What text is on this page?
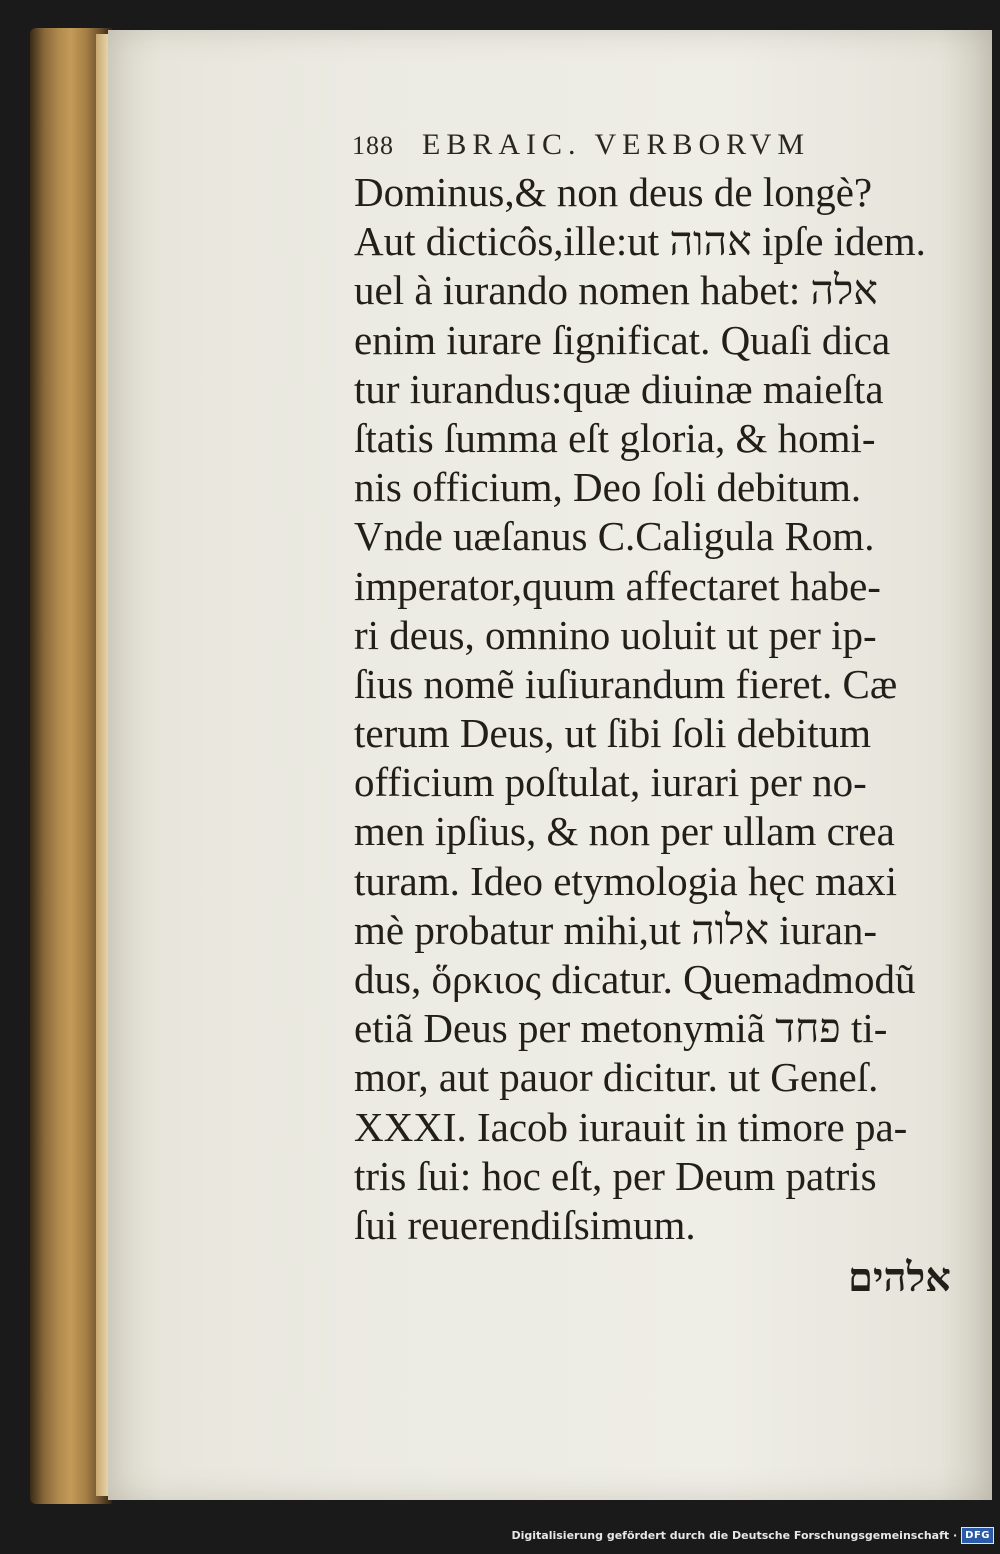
188 EBRAIC. VERBORVM
Dominus,& non deus de longè?
Aut dicticôs,ille:ut אהוה ipſe idem.
uel à iurando nomen habet: אלה
enim iurare ſignificat. Quaſi dica
tur iurandus:quæ diuinæ maieſta
ſtatis ſumma eſt gloria, & homi-
nis officium, Deo ſoli debitum.
Vnde uæſanus C.Caligula Rom.
imperator,quum affectaret habe-
ri deus, omnino uoluit ut per ip-
ſius nomẽ iuſiurandum fieret. Cæ
terum Deus, ut ſibi ſoli debitum
officium poſtulat, iurari per no-
men ipſius, & non per ullam crea
turam. Ideo etymologia hęc maxi
mè probatur mihi,ut אלוה iuran-
dus, ὅρκιος dicatur. Quemadmodũ
etiã Deus per metonymiã פחד ti-
mor, aut pauor dicitur. ut Geneſ.
XXXI. Iacob iurauit in timore pa-
tris ſui: hoc eſt, per Deum patris
ſui reuerendiſsimum.
אלהים
Digitalisierung gefördert durch die Deutsche Forschungsgemeinschaft · DFG
